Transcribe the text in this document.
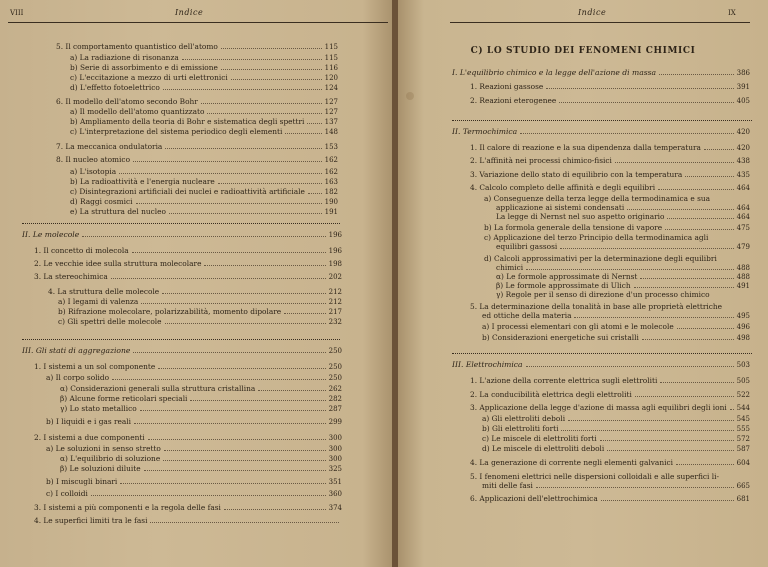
VIII	Indice
5. Il comportamento quantistico dell'atomo	115
a) La radiazione di risonanza	115
b) Serie di assorbimento e di emissione	116
c) L'eccitazione a mezzo di urti elettronici	120
d) L'effetto fotoelettrico	124
6. Il modello dell'atomo secondo Bohr	127
a) Il modello dell'atomo quantizzato	127
b) Ampliamento della teoria di Bohr e sistematica degli spettri	137
c) L'interpretazione del sistema periodico degli elementi	148
7. La meccanica ondulatoria	153
8. Il nucleo atomico	162
a) L'isotopia	162
b) La radioattività e l'energia nucleare	163
c) Disintegrazioni artificiali dei nuclei e radioattività artificiale	182
d) Raggi cosmici	190
e) La struttura del nucleo	191
II. Le molecole	196
1. Il concetto di molecola	196
2. Le vecchie idee sulla struttura molecolare	198
3. La stereochimica	202
4. La struttura delle molecole	212
a) I legami di valenza	212
b) Rifrazione molecolare, polarizzabilità, momento dipolare	217
c) Gli spettri delle molecole	232
III. Gli stati di aggregazione	250
1. I sistemi a un sol componente	250
a) Il corpo solido	250
α) Considerazioni generali sulla struttura cristallina	262
β) Alcune forme reticolari speciali	282
γ) Lo stato metallico	287
b) I liquidi e i gas reali	299
2. I sistemi a due componenti	300
a) Le soluzioni in senso stretto	300
α) L'equilibrio di soluzione	300
β) Le soluzioni diluite	325
b) I miscugli binari	351
c) I colloidi	360
3. I sistemi a più componenti e la regola delle fasi	374
4. Le superfici limiti tra le fasi
Indice	IX
C) LO STUDIO DEI FENOMENI CHIMICI
I. L'equilibrio chimico e la legge dell'azione di massa	386
1. Reazioni gassose	391
2. Reazioni eterogenee	405
II. Termochimica	420
1. Il calore di reazione e la sua dipendenza dalla temperatura	420
2. L'affinità nei processi chimico-fisici	438
3. Variazione dello stato di equilibrio con la temperatura	435
4. Calcolo completo delle affinità e degli equilibri	464
a) Conseguenze della terza legge della termodinamica e sua
applicazione ai sistemi condensati	464
La legge di Nernst nel suo aspetto originario	464
b) La formola generale della tensione di vapore	475
c) Applicazione del terzo Principio della termodinamica agli
equilibri gassosi	479
d) Calcoli approssimativi per la determinazione degli equilibri
chimici	488
α) Le formole approssimate di Nernst	488
β) Le formole approssimate di Ulich	491
γ) Regole per il senso di direzione d'un processo chimico
5. La determinazione della tonalità in base alle proprietà elettriche
ed ottiche della materia	495
a) I processi elementari con gli atomi e le molecole	496
b) Considerazioni energetiche sui cristalli	498
III. Elettrochimica	503
1. L'azione della corrente elettrica sugli elettroliti	505
2. La conducibilità elettrica degli elettroliti	522
3. Applicazione della legge d'azione di massa agli equilibri degli ioni 544
a) Gli elettroliti deboli	545
b) Gli elettroliti forti	555
c) Le miscele di elettroliti forti	572
d) Le miscele di elettroliti deboli	587
4. La generazione di corrente negli elementi galvanici	604
5. I fenomeni elettrici nelle dispersioni colloidali e alle superfici li-
miti delle fasi	665
6. Applicazioni dell'elettrochimica	681
